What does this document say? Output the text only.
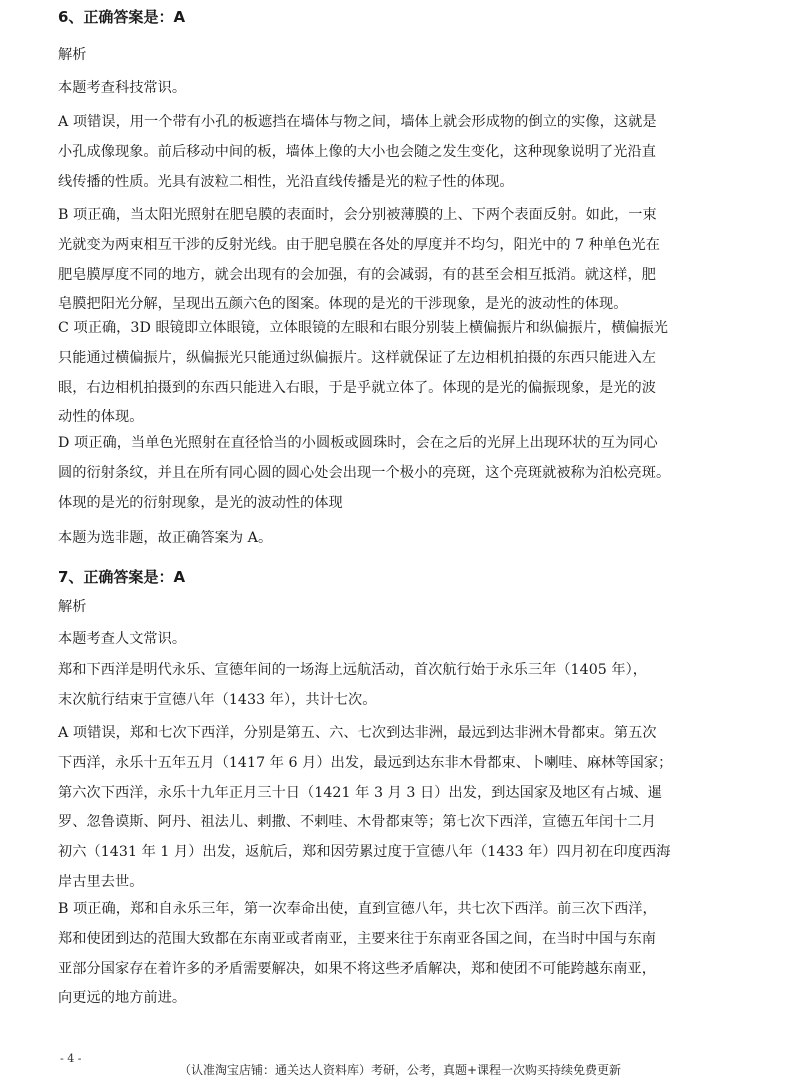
6、正确答案是：A
解析
本题考查科技常识。
A 项错误，用一个带有小孔的板遮挡在墙体与物之间，墙体上就会形成物的倒立的实像，这就是
小孔成像现象。前后移动中间的板，墙体上像的大小也会随之发生变化，这种现象说明了光沿直
线传播的性质。光具有波粒二相性，光沿直线传播是光的粒子性的体现。
B 项正确，当太阳光照射在肥皂膜的表面时，会分别被薄膜的上、下两个表面反射。如此，一束
光就变为两束相互干涉的反射光线。由于肥皂膜在各处的厚度并不均匀，阳光中的 7 种单色光在
肥皂膜厚度不同的地方，就会出现有的会加强，有的会减弱，有的甚至会相互抵消。就这样，肥
皂膜把阳光分解，呈现出五颜六色的图案。体现的是光的干涉现象，是光的波动性的体现。
C 项正确，3D 眼镜即立体眼镜，立体眼镜的左眼和右眼分别装上横偏振片和纵偏振片，横偏振光
只能通过横偏振片，纵偏振光只能通过纵偏振片。这样就保证了左边相机拍摄的东西只能进入左
眼，右边相机拍摄到的东西只能进入右眼，于是乎就立体了。体现的是光的偏振现象，是光的波
动性的体现。
D 项正确，当单色光照射在直径恰当的小圆板或圆珠时，会在之后的光屏上出现环状的互为同心
圆的衍射条纹，并且在所有同心圆的圆心处会出现一个极小的亮斑，这个亮斑就被称为泊松亮斑。
体现的是光的衍射现象，是光的波动性的体现
本题为选非题，故正确答案为 A。
7、正确答案是：A
解析
本题考查人文常识。
郑和下西洋是明代永乐、宣德年间的一场海上远航活动，首次航行始于永乐三年（1405 年），
末次航行结束于宣德八年（1433 年），共计七次。
A 项错误，郑和七次下西洋，分别是第五、六、七次到达非洲，最远到达非洲木骨都束。第五次
下西洋，永乐十五年五月（1417 年 6 月）出发，最远到达东非木骨都束、卜喇哇、麻林等国家；
第六次下西洋，永乐十九年正月三十日（1421 年 3 月 3 日）出发，到达国家及地区有占城、暹
罗、忽鲁谟斯、阿丹、祖法儿、剌撒、不剌哇、木骨都束等；第七次下西洋，宣德五年闰十二月
初六（1431 年 1 月）出发，返航后，郑和因劳累过度于宣德八年（1433 年）四月初在印度西海
岸古里去世。
B 项正确，郑和自永乐三年，第一次奉命出使，直到宣德八年，共七次下西洋。前三次下西洋，
郑和使团到达的范围大致都在东南亚或者南亚，主要来往于东南亚各国之间，在当时中国与东南
亚部分国家存在着许多的矛盾需要解决，如果不将这些矛盾解决，郑和使团不可能跨越东南亚，
向更远的地方前进。
- 4 -
（认准淘宝店铺：通关达人资料库）考研，公考，真题+课程一次购买持续免费更新
